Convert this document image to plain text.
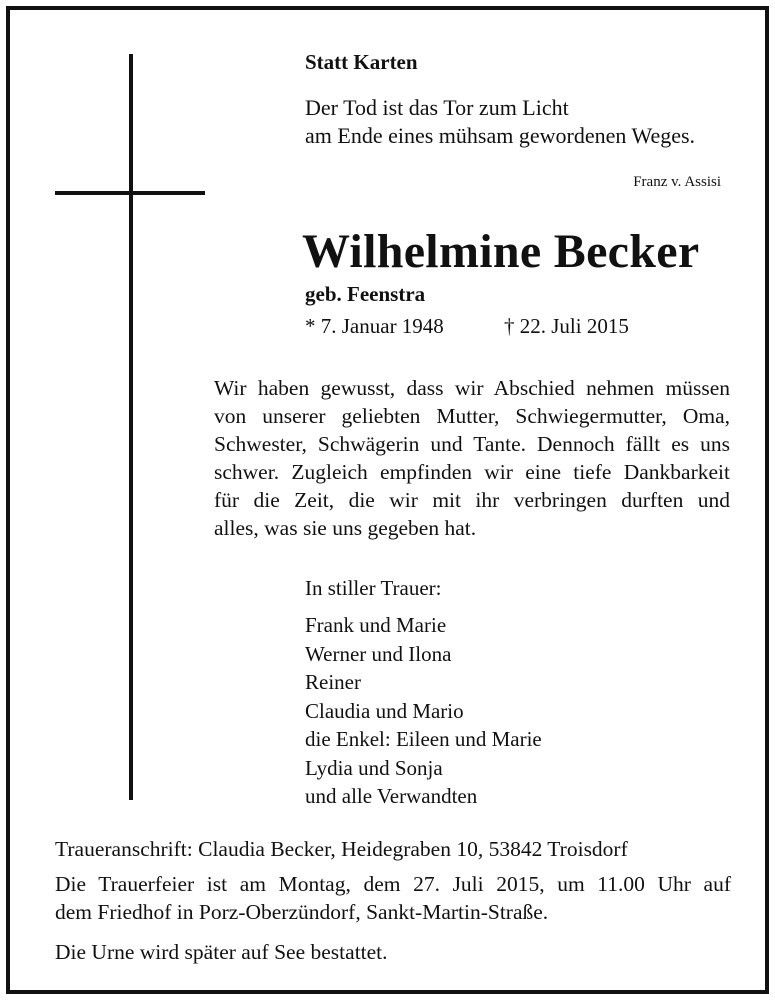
Statt Karten

Der Tod ist das Tor zum Licht
am Ende eines mühsam gewordenen Weges.

Franz v. Assisi

Wilhelmine Becker

geb. Feenstra

* 7. Januar 1948	† 22. Juli 2015

Wir haben gewusst, dass wir Abschied nehmen müssen
von unserer geliebten Mutter, Schwiegermutter, Oma,
Schwester, Schwägerin und Tante. Dennoch fällt es uns
schwer. Zugleich empfinden wir eine tiefe Dankbarkeit
für die Zeit, die wir mit ihr verbringen durften und
alles, was sie uns gegeben hat.

In stiller Trauer:

Frank und Marie
Werner und Ilona
Reiner
Claudia und Mario
die Enkel: Eileen und Marie
Lydia und Sonja
und alle Verwandten

Traueranschrift: Claudia Becker, Heidegraben 10, 53842 Troisdorf

Die Trauerfeier ist am Montag, dem 27. Juli 2015, um 11.00 Uhr auf
dem Friedhof in Porz-Oberzündorf, Sankt-Martin-Straße.

Die Urne wird später auf See bestattet.
